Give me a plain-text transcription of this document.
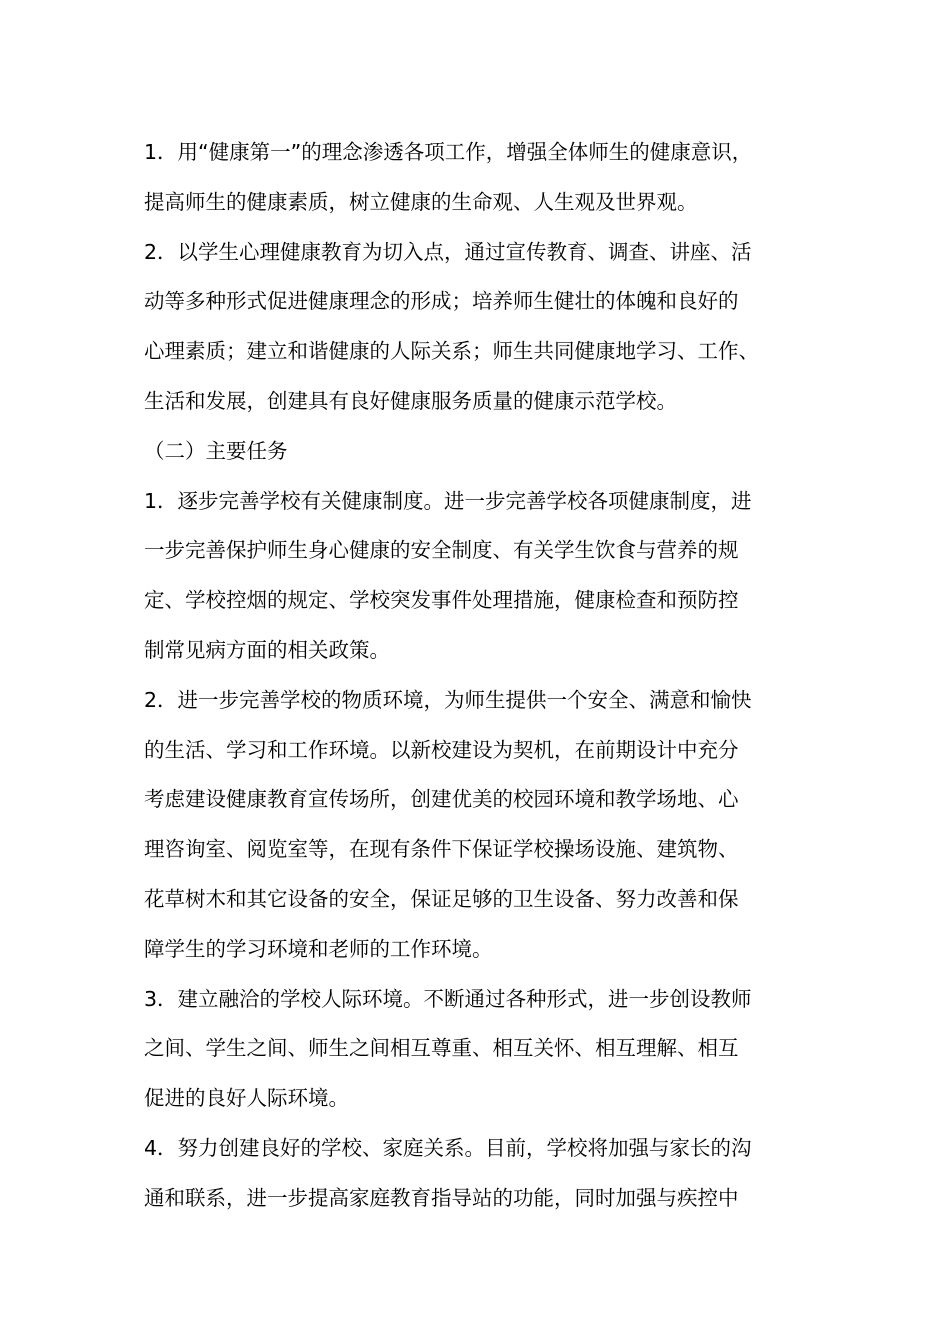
1．用“健康第一”的理念渗透各项工作，增强全体师生的健康意识，
提高师生的健康素质，树立健康的生命观、人生观及世界观。
2．以学生心理健康教育为切入点，通过宣传教育、调查、讲座、活
动等多种形式促进健康理念的形成；培养师生健壮的体魄和良好的
心理素质；建立和谐健康的人际关系；师生共同健康地学习、工作、
生活和发展，创建具有良好健康服务质量的健康示范学校。
（二）主要任务
1．逐步完善学校有关健康制度。进一步完善学校各项健康制度，进
一步完善保护师生身心健康的安全制度、有关学生饮食与营养的规
定、学校控烟的规定、学校突发事件处理措施，健康检查和预防控
制常见病方面的相关政策。
2．进一步完善学校的物质环境，为师生提供一个安全、满意和愉快
的生活、学习和工作环境。以新校建设为契机，在前期设计中充分
考虑建设健康教育宣传场所，创建优美的校园环境和教学场地、心
理咨询室、阅览室等，在现有条件下保证学校操场设施、建筑物、
花草树木和其它设备的安全，保证足够的卫生设备、努力改善和保
障学生的学习环境和老师的工作环境。
3．建立融洽的学校人际环境。不断通过各种形式，进一步创设教师
之间、学生之间、师生之间相互尊重、相互关怀、相互理解、相互
促进的良好人际环境。
4．努力创建良好的学校、家庭关系。目前，学校将加强与家长的沟
通和联系，进一步提高家庭教育指导站的功能，同时加强与疾控中
